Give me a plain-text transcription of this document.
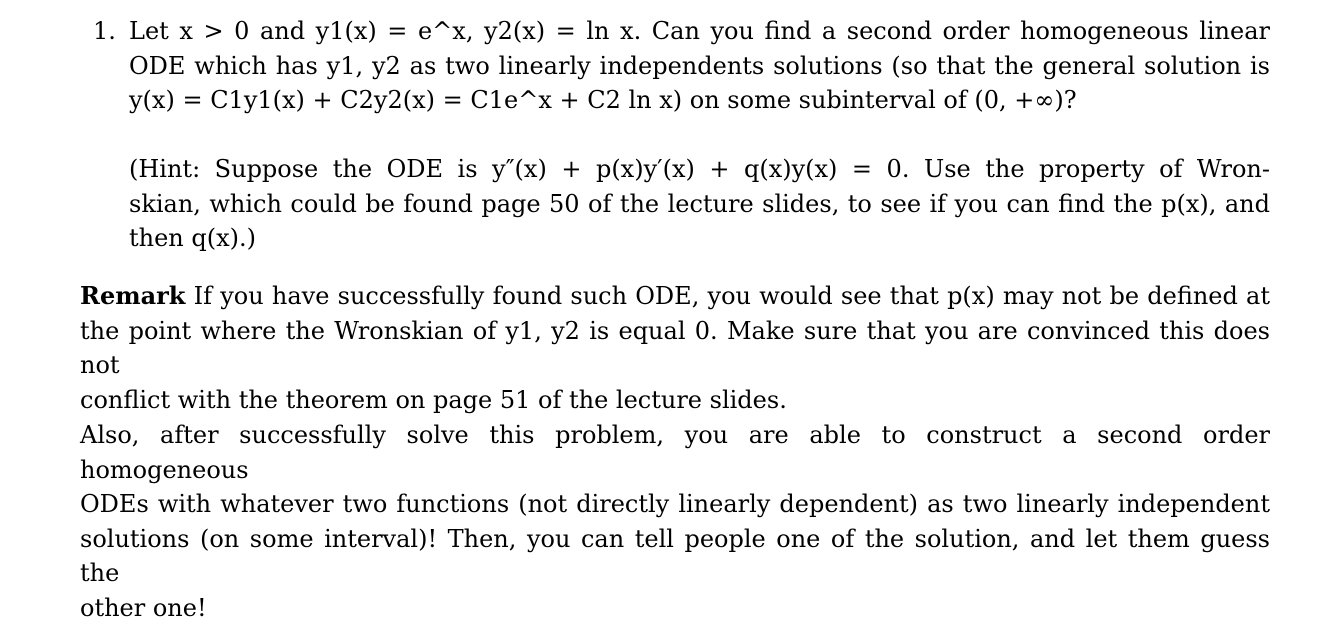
1. Let x > 0 and y1(x) = e^x, y2(x) = ln x. Can you find a second order homogeneous linear
ODE which has y1, y2 as two linearly independents solutions (so that the general solution is
y(x) = C1y1(x) + C2y2(x) = C1e^x + C2 ln x) on some subinterval of (0, +∞)?
(Hint: Suppose the ODE is y″(x) + p(x)y′(x) + q(x)y(x) = 0. Use the property of Wron-
skian, which could be found page 50 of the lecture slides, to see if you can find the p(x), and
then q(x).)
Remark If you have successfully found such ODE, you would see that p(x) may not be defined at
the point where the Wronskian of y1, y2 is equal 0. Make sure that you are convinced this does not
conflict with the theorem on page 51 of the lecture slides.
Also, after successfully solve this problem, you are able to construct a second order homogeneous
ODEs with whatever two functions (not directly linearly dependent) as two linearly independent
solutions (on some interval)! Then, you can tell people one of the solution, and let them guess the
other one!
